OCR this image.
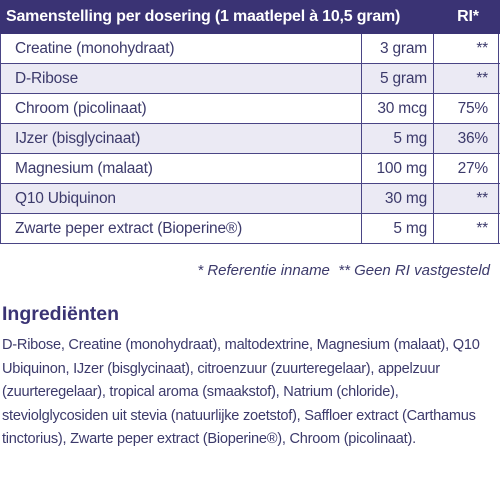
Samenstelling per dosering (1 maatlepel à 10,5 gram)	RI*
Creatine (monohydraat)	3 gram	**
D-Ribose	5 gram	**
Chroom (picolinaat)	30 mcg	75%
IJzer (bisglycinaat)	5 mg	36%
Magnesium (malaat)	100 mg	27%
Q10 Ubiquinon	30 mg	**
Zwarte peper extract (Bioperine®)	5 mg	**
* Referentie inname  ** Geen RI vastgesteld
Ingrediënten
D-Ribose, Creatine (monohydraat), maltodextrine, Magnesium (malaat), Q10 Ubiquinon, IJzer (bisglycinaat), citroenzuur (zuurteregelaar), appelzuur (zuurteregelaar), tropical aroma (smaakstof), Natrium (chloride), steviolglycosiden uit stevia (natuurlijke zoetstof), Saffloer extract (Carthamus tinctorius), Zwarte peper extract (Bioperine®), Chroom (picolinaat).
